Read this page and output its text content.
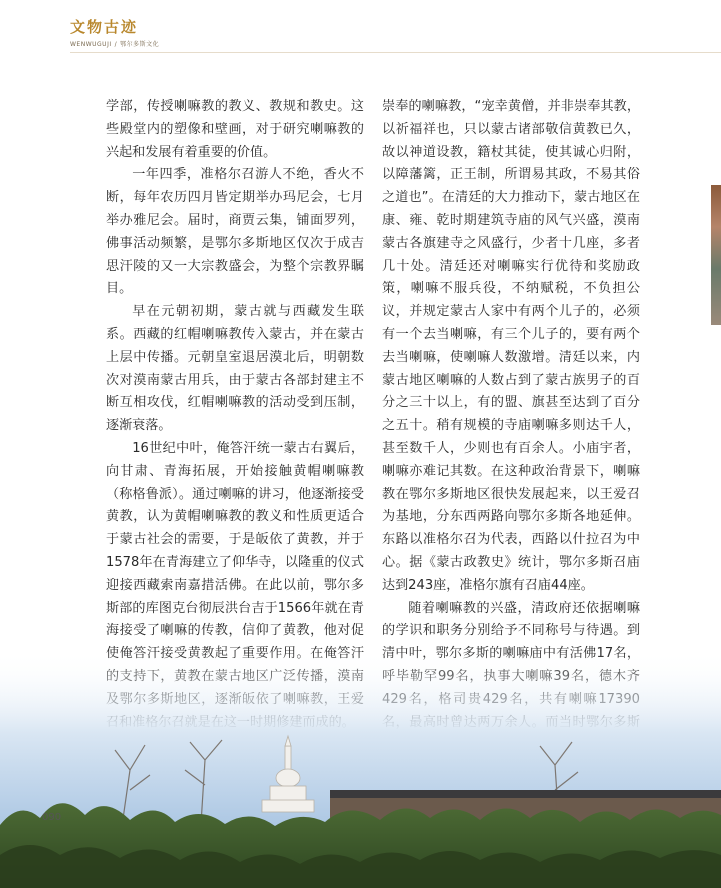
文物古迹
WENWUGUJI / 鄂尔多斯文化

学部，传授喇嘛教的教义、教规和教史。这些殿堂内的塑像和壁画，对于研究喇嘛教的兴起和发展有着重要的价值。

一年四季，准格尔召游人不绝，香火不断，每年农历四月皆定期举办玛尼会，七月举办雅尼会。届时，商贾云集，铺面罗列，佛事活动频繁，是鄂尔多斯地区仅次于成吉思汗陵的又一大宗教盛会，为整个宗教界瞩目。

早在元朝初期，蒙古就与西藏发生联系。西藏的红帽喇嘛教传入蒙古，并在蒙古上层中传播。元朝皇室退居漠北后，明朝数次对漠南蒙古用兵，由于蒙古各部封建主不断互相攻伐，红帽喇嘛教的活动受到压制，逐渐衰落。

16世纪中叶，俺答汗统一蒙古右翼后，向甘肃、青海拓展，开始接触黄帽喇嘛教（称格鲁派）。通过喇嘛的讲习，他逐渐接受黄教，认为黄帽喇嘛教的教义和性质更适合于蒙古社会的需要，于是皈依了黄教，并于1578年在青海建立了仰华寺，以隆重的仪式迎接西藏索南嘉措活佛。在此以前，鄂尔多斯部的库图克台彻辰洪台吉于1566年就在青海接受了喇嘛的传教，信仰了黄教，他对促

崇奉的喇嘛教，“宠幸黄僧，并非崇奉其教，以祈福祥也，只以蒙古诸部敬信黄教已久，故以神道设教，籍杖其徒，使其诚心归附，以障藩篱，正王制，所谓易其政，不易其俗之道也”。在清廷的大力推动下，蒙古地区在康、雍、乾时期建筑寺庙的风气兴盛，漠南蒙古各旗建寺之风盛行，少者十几座，多者几十处。清廷还对喇嘛实行优待和奖励政策，喇嘛不服兵役，不纳赋税，不负担公议，并规定蒙古人家中有两个儿子的，必须有一个去当喇嘛，有三个儿子的，要有两个去当喇嘛，使喇嘛人数激增。清廷以来，内蒙古地区喇嘛的人数占到了蒙古族男子的百分之三十以上，有的盟、旗甚至达到了百分之五十。稍有规模的寺庙喇嘛多则达千人，甚至数千人，少则也有百余人。小庙宇者，喇嘛亦难记其数。在这种政治背景下，喇嘛教在鄂尔多斯地区很快发展起来，以王爱召为基地，分东西两路向鄂尔多斯各地延伸。东路以准格尔召为代表，西路以什拉召为中心。据《蒙古政教史》统计，鄂尔多斯召庙达到243座，准格尔旗有召庙44座。

随着喇嘛教的兴盛，清政府还依据喇嘛的学识和职务分别给予不同称号与待遇。到

090
